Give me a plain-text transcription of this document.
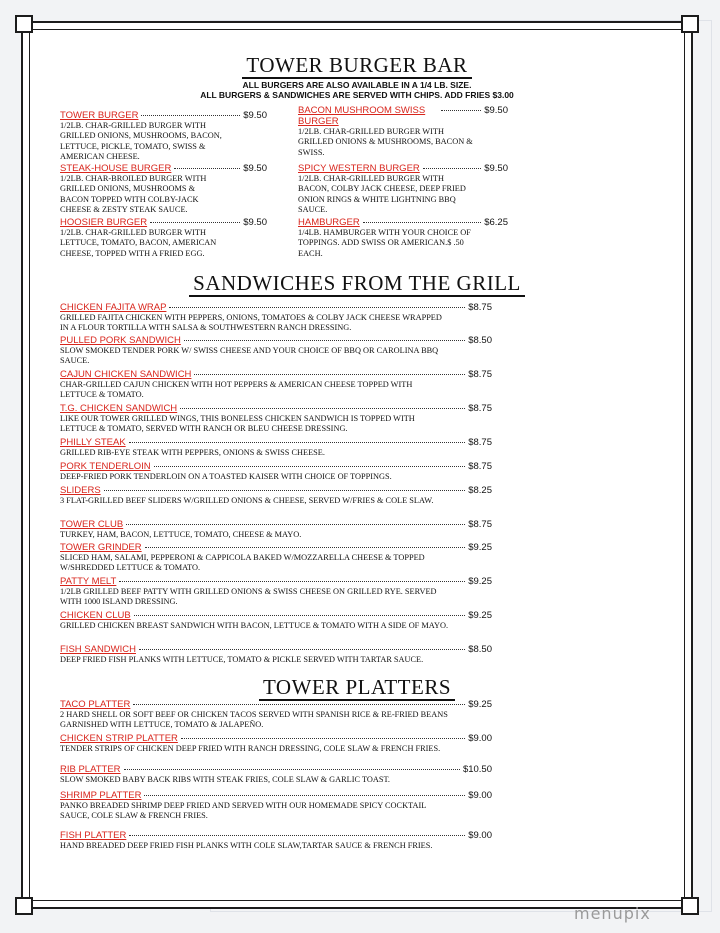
TOWER BURGER BAR
ALL BURGERS ARE ALSO AVAILABLE IN A 1/4 LB. SIZE.
ALL BURGERS & SANDWICHES ARE SERVED WITH CHIPS. ADD FRIES $3.00
TOWER BURGER	$9.50
1/2LB. CHAR-GRILLED BURGER WITH GRILLED ONIONS, MUSHROOMS, BACON, LETTUCE, PICKLE, TOMATO, SWISS & AMERICAN CHEESE.
STEAK-HOUSE BURGER	$9.50
1/2LB. CHAR-BROILED BURGER WITH GRILLED ONIONS, MUSHROOMS & BACON TOPPED WITH COLBY-JACK CHEESE & ZESTY STEAK SAUCE.
HOOSIER BURGER	$9.50
1/2LB. CHAR-GRILLED BURGER WITH LETTUCE, TOMATO, BACON, AMERICAN CHEESE, TOPPED WITH A FRIED EGG.
BACON MUSHROOM SWISS BURGER
$9.50
1/2LB. CHAR-GRILLED BURGER WITH GRILLED ONIONS & MUSHROOMS, BACON & SWISS.
SPICY WESTERN BURGER	$9.50
1/2LB. CHAR-GRILLED BURGER WITH BACON, COLBY JACK CHEESE, DEEP FRIED ONION RINGS & WHITE LIGHTNING BBQ SAUCE.
HAMBURGER	$6.25
1/4LB. HAMBURGER WITH YOUR CHOICE OF TOPPINGS. ADD SWISS OR AMERICAN.$ .50 EACH.
SANDWICHES FROM THE GRILL
CHICKEN FAJITA WRAP	$8.75
GRILLED FAJITA CHICKEN WITH PEPPERS, ONIONS, TOMATOES & COLBY JACK CHEESE WRAPPED IN A FLOUR TORTILLA WITH SALSA & SOUTHWESTERN RANCH DRESSING.
PULLED PORK SANDWICH	$8.50
SLOW SMOKED TENDER PORK W/ SWISS CHEESE AND YOUR CHOICE OF BBQ OR CAROLINA BBQ SAUCE.
CAJUN CHICKEN SANDWICH	$8.75
CHAR-GRILLED CAJUN CHICKEN WITH HOT PEPPERS & AMERICAN CHEESE TOPPED WITH LETTUCE & TOMATO.
T.G. CHICKEN SANDWICH	$8.75
LIKE OUR TOWER GRILLED WINGS, THIS BONELESS CHICKEN SANDWICH IS TOPPED WITH LETTUCE & TOMATO, SERVED WITH RANCH OR BLEU CHEESE DRESSING.
PHILLY STEAK	$8.75
GRILLED RIB-EYE STEAK WITH PEPPERS, ONIONS & SWISS CHEESE.
PORK TENDERLOIN	$8.75
DEEP-FRIED PORK TENDERLOIN ON A TOASTED KAISER WITH CHOICE OF TOPPINGS.
SLIDERS	$8.25
3 FLAT-GRILLED BEEF SLIDERS W/GRILLED ONIONS & CHEESE, SERVED W/FRIES & COLE SLAW.
TOWER CLUB	$8.75
TURKEY, HAM, BACON, LETTUCE, TOMATO, CHEESE & MAYO.
TOWER GRINDER	$9.25
SLICED HAM, SALAMI, PEPPERONI & CAPPICOLA BAKED W/MOZZARELLA CHEESE & TOPPED W/SHREDDED LETTUCE & TOMATO.
PATTY MELT	$9.25
1/2LB GRILLED BEEF PATTY WITH GRILLED ONIONS & SWISS CHEESE ON GRILLED RYE. SERVED WITH 1000 ISLAND DRESSING.
CHICKEN CLUB	$9.25
GRILLED CHICKEN BREAST SANDWICH WITH BACON, LETTUCE & TOMATO WITH A SIDE OF MAYO.
FISH SANDWICH	$8.50
DEEP FRIED FISH PLANKS WITH LETTUCE, TOMATO & PICKLE SERVED WITH TARTAR SAUCE.
TOWER PLATTERS
TACO PLATTER	$9.25
2 HARD SHELL OR SOFT BEEF OR CHICKEN TACOS SERVED WITH SPANISH RICE & RE-FRIED BEANS GARNISHED WITH LETTUCE, TOMATO & JALAPEÑO.
CHICKEN STRIP PLATTER	$9.00
TENDER STRIPS OF CHICKEN DEEP FRIED WITH RANCH DRESSING, COLE SLAW & FRENCH FRIES.
RIB PLATTER	$10.50
SLOW SMOKED BABY BACK RIBS WITH STEAK FRIES, COLE SLAW & GARLIC TOAST.
SHRIMP PLATTER	$9.00
PANKO BREADED SHRIMP DEEP FRIED AND SERVED WITH OUR HOMEMADE SPICY COCKTAIL SAUCE, COLE SLAW & FRENCH FRIES.
FISH PLATTER	$9.00
HAND BREADED DEEP FRIED FISH PLANKS WITH COLE SLAW,TARTAR SAUCE & FRENCH FRIES.
menupix
